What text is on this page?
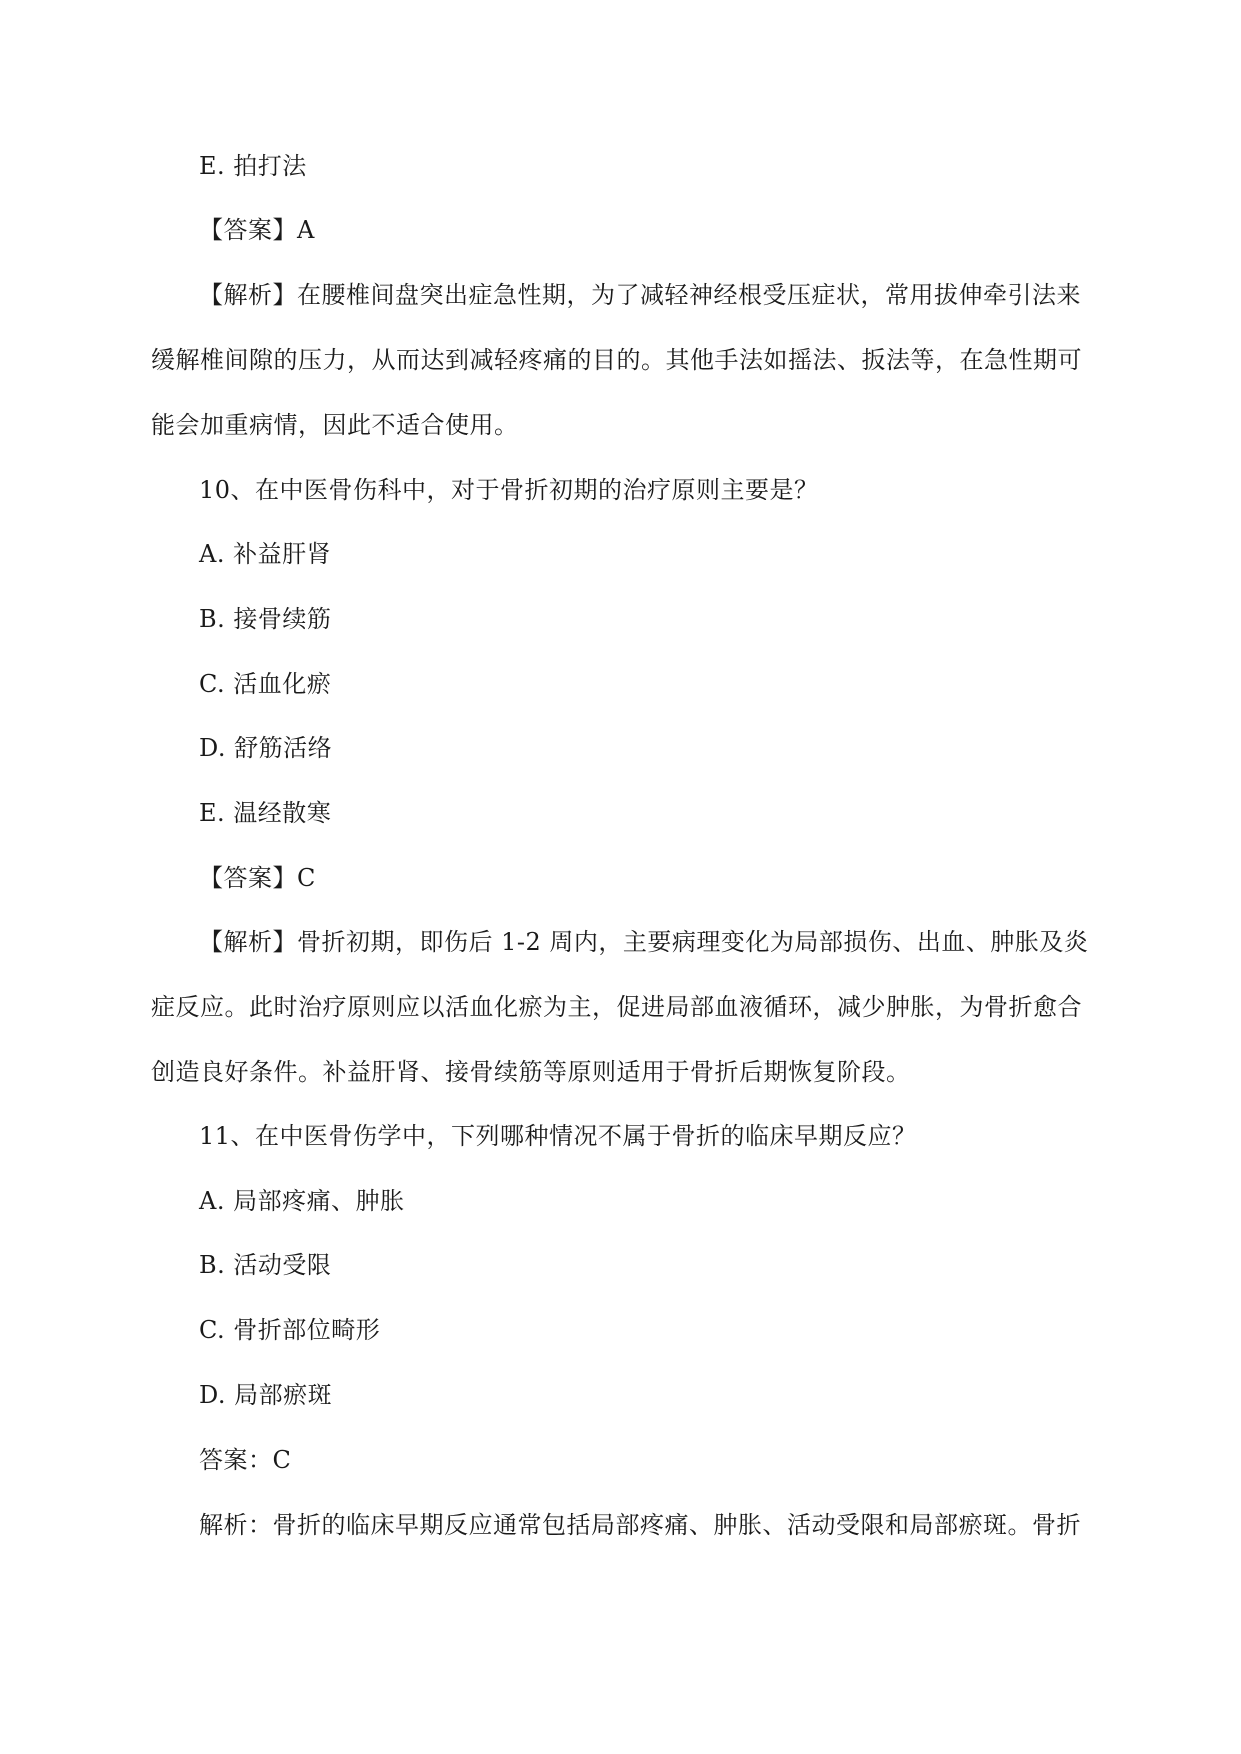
E. 拍打法
【答案】A
【解析】在腰椎间盘突出症急性期，为了减轻神经根受压症状，常用拔伸牵引法来
缓解椎间隙的压力，从而达到减轻疼痛的目的。其他手法如摇法、扳法等，在急性期可
能会加重病情，因此不适合使用。
10、在中医骨伤科中，对于骨折初期的治疗原则主要是？
A. 补益肝肾
B. 接骨续筋
C. 活血化瘀
D. 舒筋活络
E. 温经散寒
【答案】C
【解析】骨折初期，即伤后 1-2 周内，主要病理变化为局部损伤、出血、肿胀及炎
症反应。此时治疗原则应以活血化瘀为主，促进局部血液循环，减少肿胀，为骨折愈合
创造良好条件。补益肝肾、接骨续筋等原则适用于骨折后期恢复阶段。
11、在中医骨伤学中，下列哪种情况不属于骨折的临床早期反应？
A. 局部疼痛、肿胀
B. 活动受限
C. 骨折部位畸形
D. 局部瘀斑
答案：C
解析：骨折的临床早期反应通常包括局部疼痛、肿胀、活动受限和局部瘀斑。骨折
